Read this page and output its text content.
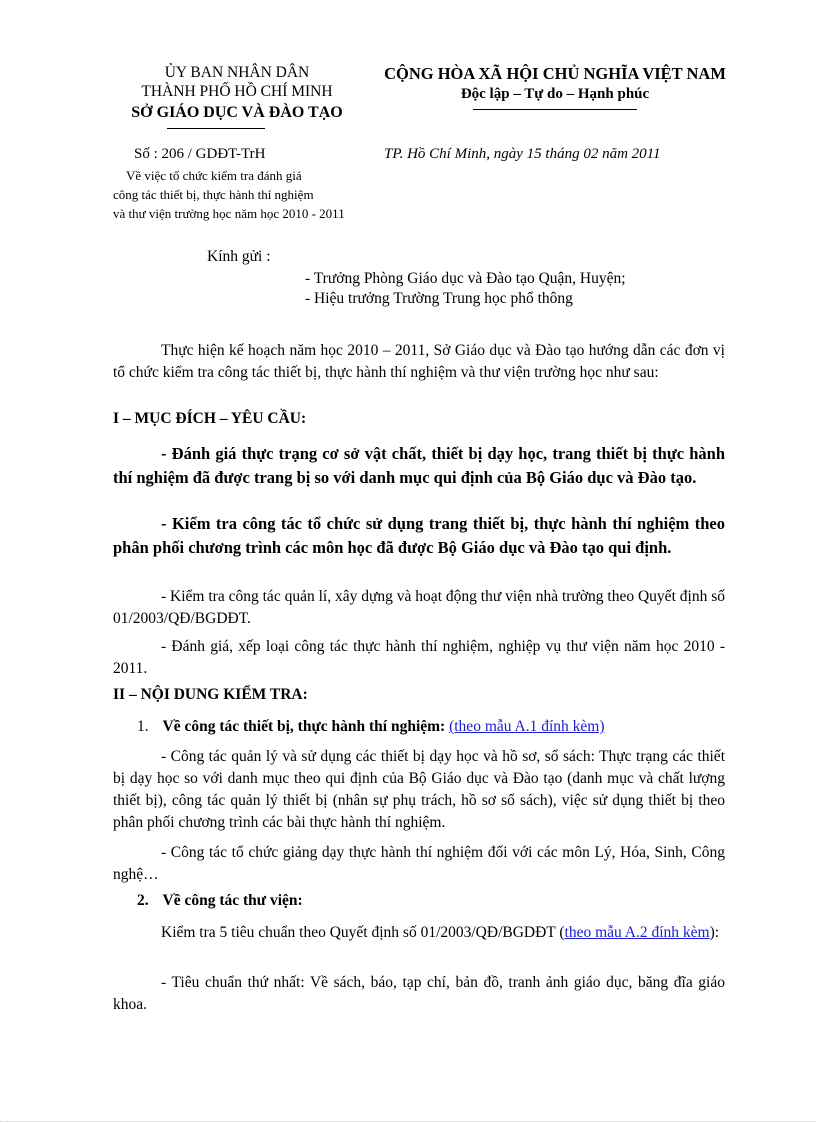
ỦY BAN NHÂN DÂN
THÀNH PHỐ HỒ CHÍ MINH
SỞ GIÁO DỤC VÀ ĐÀO TẠO
CỘNG HÒA XÃ HỘI CHỦ NGHĨA VIỆT NAM
Độc lập – Tự do – Hạnh phúc
Số : 206 / GDĐT-TrH	TP. Hồ Chí Minh, ngày 15 tháng 02 năm 2011
Về việc tổ chức kiểm tra đánh giá
công tác thiết bị, thực hành thí nghiệm
và thư viện trường học năm học 2010 - 2011
Kính gửi :
- Trưởng Phòng Giáo dục và Đào tạo Quận, Huyện;
- Hiệu trưởng Trường Trung học phổ thông
Thực hiện kế hoạch năm học 2010 – 2011, Sở Giáo dục và Đào tạo hướng dẫn các đơn vị tổ chức kiểm tra công tác thiết bị, thực hành thí nghiệm và thư viện trường học như sau:
I – MỤC ĐÍCH – YÊU CẦU:
- Đánh giá thực trạng cơ sở vật chất, thiết bị dạy học, trang thiết bị thực hành thí nghiệm đã được trang bị so với danh mục qui định của Bộ Giáo dục và Đào tạo.
- Kiểm tra công tác tổ chức sử dụng trang thiết bị, thực hành thí nghiệm theo phân phối chương trình các môn học đã được Bộ Giáo dục và Đào tạo qui định.
- Kiểm tra công tác quản lí, xây dựng và hoạt động thư viện nhà trường theo Quyết định số 01/2003/QĐ/BGDĐT.
- Đánh giá, xếp loại công tác thực hành thí nghiệm, nghiệp vụ thư viện năm học 2010 - 2011.
II – NỘI DUNG KIỂM TRA:
1. Về công tác thiết bị, thực hành thí nghiệm: (theo mẫu A.1 đính kèm)
- Công tác quản lý và sử dụng các thiết bị dạy học và hồ sơ, sổ sách: Thực trạng các thiết bị dạy học so với danh mục theo qui định của Bộ Giáo dục và Đào tạo (danh mục và chất lượng thiết bị), công tác quản lý thiết bị (nhân sự phụ trách, hồ sơ sổ sách), việc sử dụng thiết bị theo phân phối chương trình các bài thực hành thí nghiệm.
- Công tác tổ chức giảng dạy thực hành thí nghiệm đối với các môn Lý, Hóa, Sinh, Công nghệ…
2. Về công tác thư viện:
Kiểm tra 5 tiêu chuẩn theo Quyết định số 01/2003/QĐ/BGDĐT (theo mẫu A.2 đính kèm):
- Tiêu chuẩn thứ nhất: Về sách, báo, tạp chí, bản đồ, tranh ảnh giáo dục, băng đĩa giáo khoa.
